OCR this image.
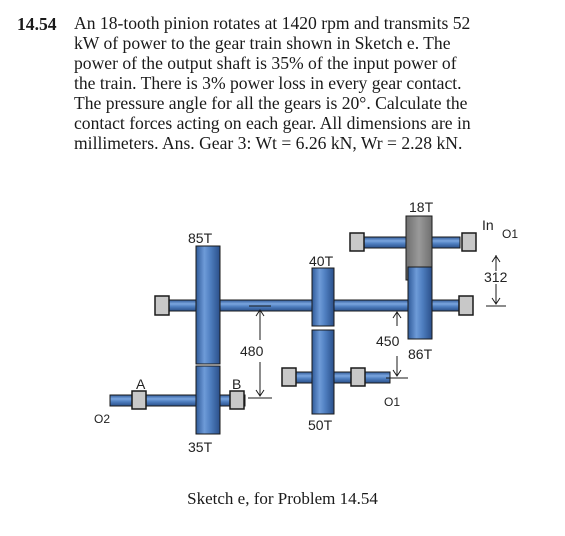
14.54 An 18-tooth pinion rotates at 1420 rpm and transmits 52
kW of power to the gear train shown in Sketch e. The
power of the output shaft is 35% of the input power of
the train. There is 3% power loss in every gear contact.
The pressure angle for all the gears is 20°. Calculate the
contact forces acting on each gear. All dimensions are in
millimeters. Ans. Gear 3: Wt = 6.26 kN, Wr = 2.28 kN.
18T
85T
40T
86T
50T
35T
In
O1
O1
O2
A	B
312
480
450
Sketch e, for Problem 14.54
